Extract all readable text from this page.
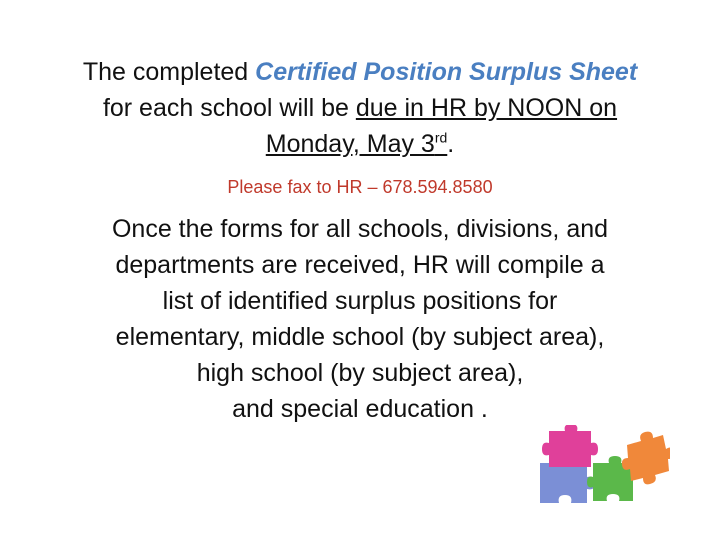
The completed Certified Position Surplus Sheet
for each school will be due in HR by NOON on
Monday, May 3rd.
Please fax to HR – 678.594.8580
Once the forms for all schools, divisions, and
departments are received, HR will compile a
list of identified surplus positions for
elementary, middle school (by subject area),
high school (by subject area),
and special education .
